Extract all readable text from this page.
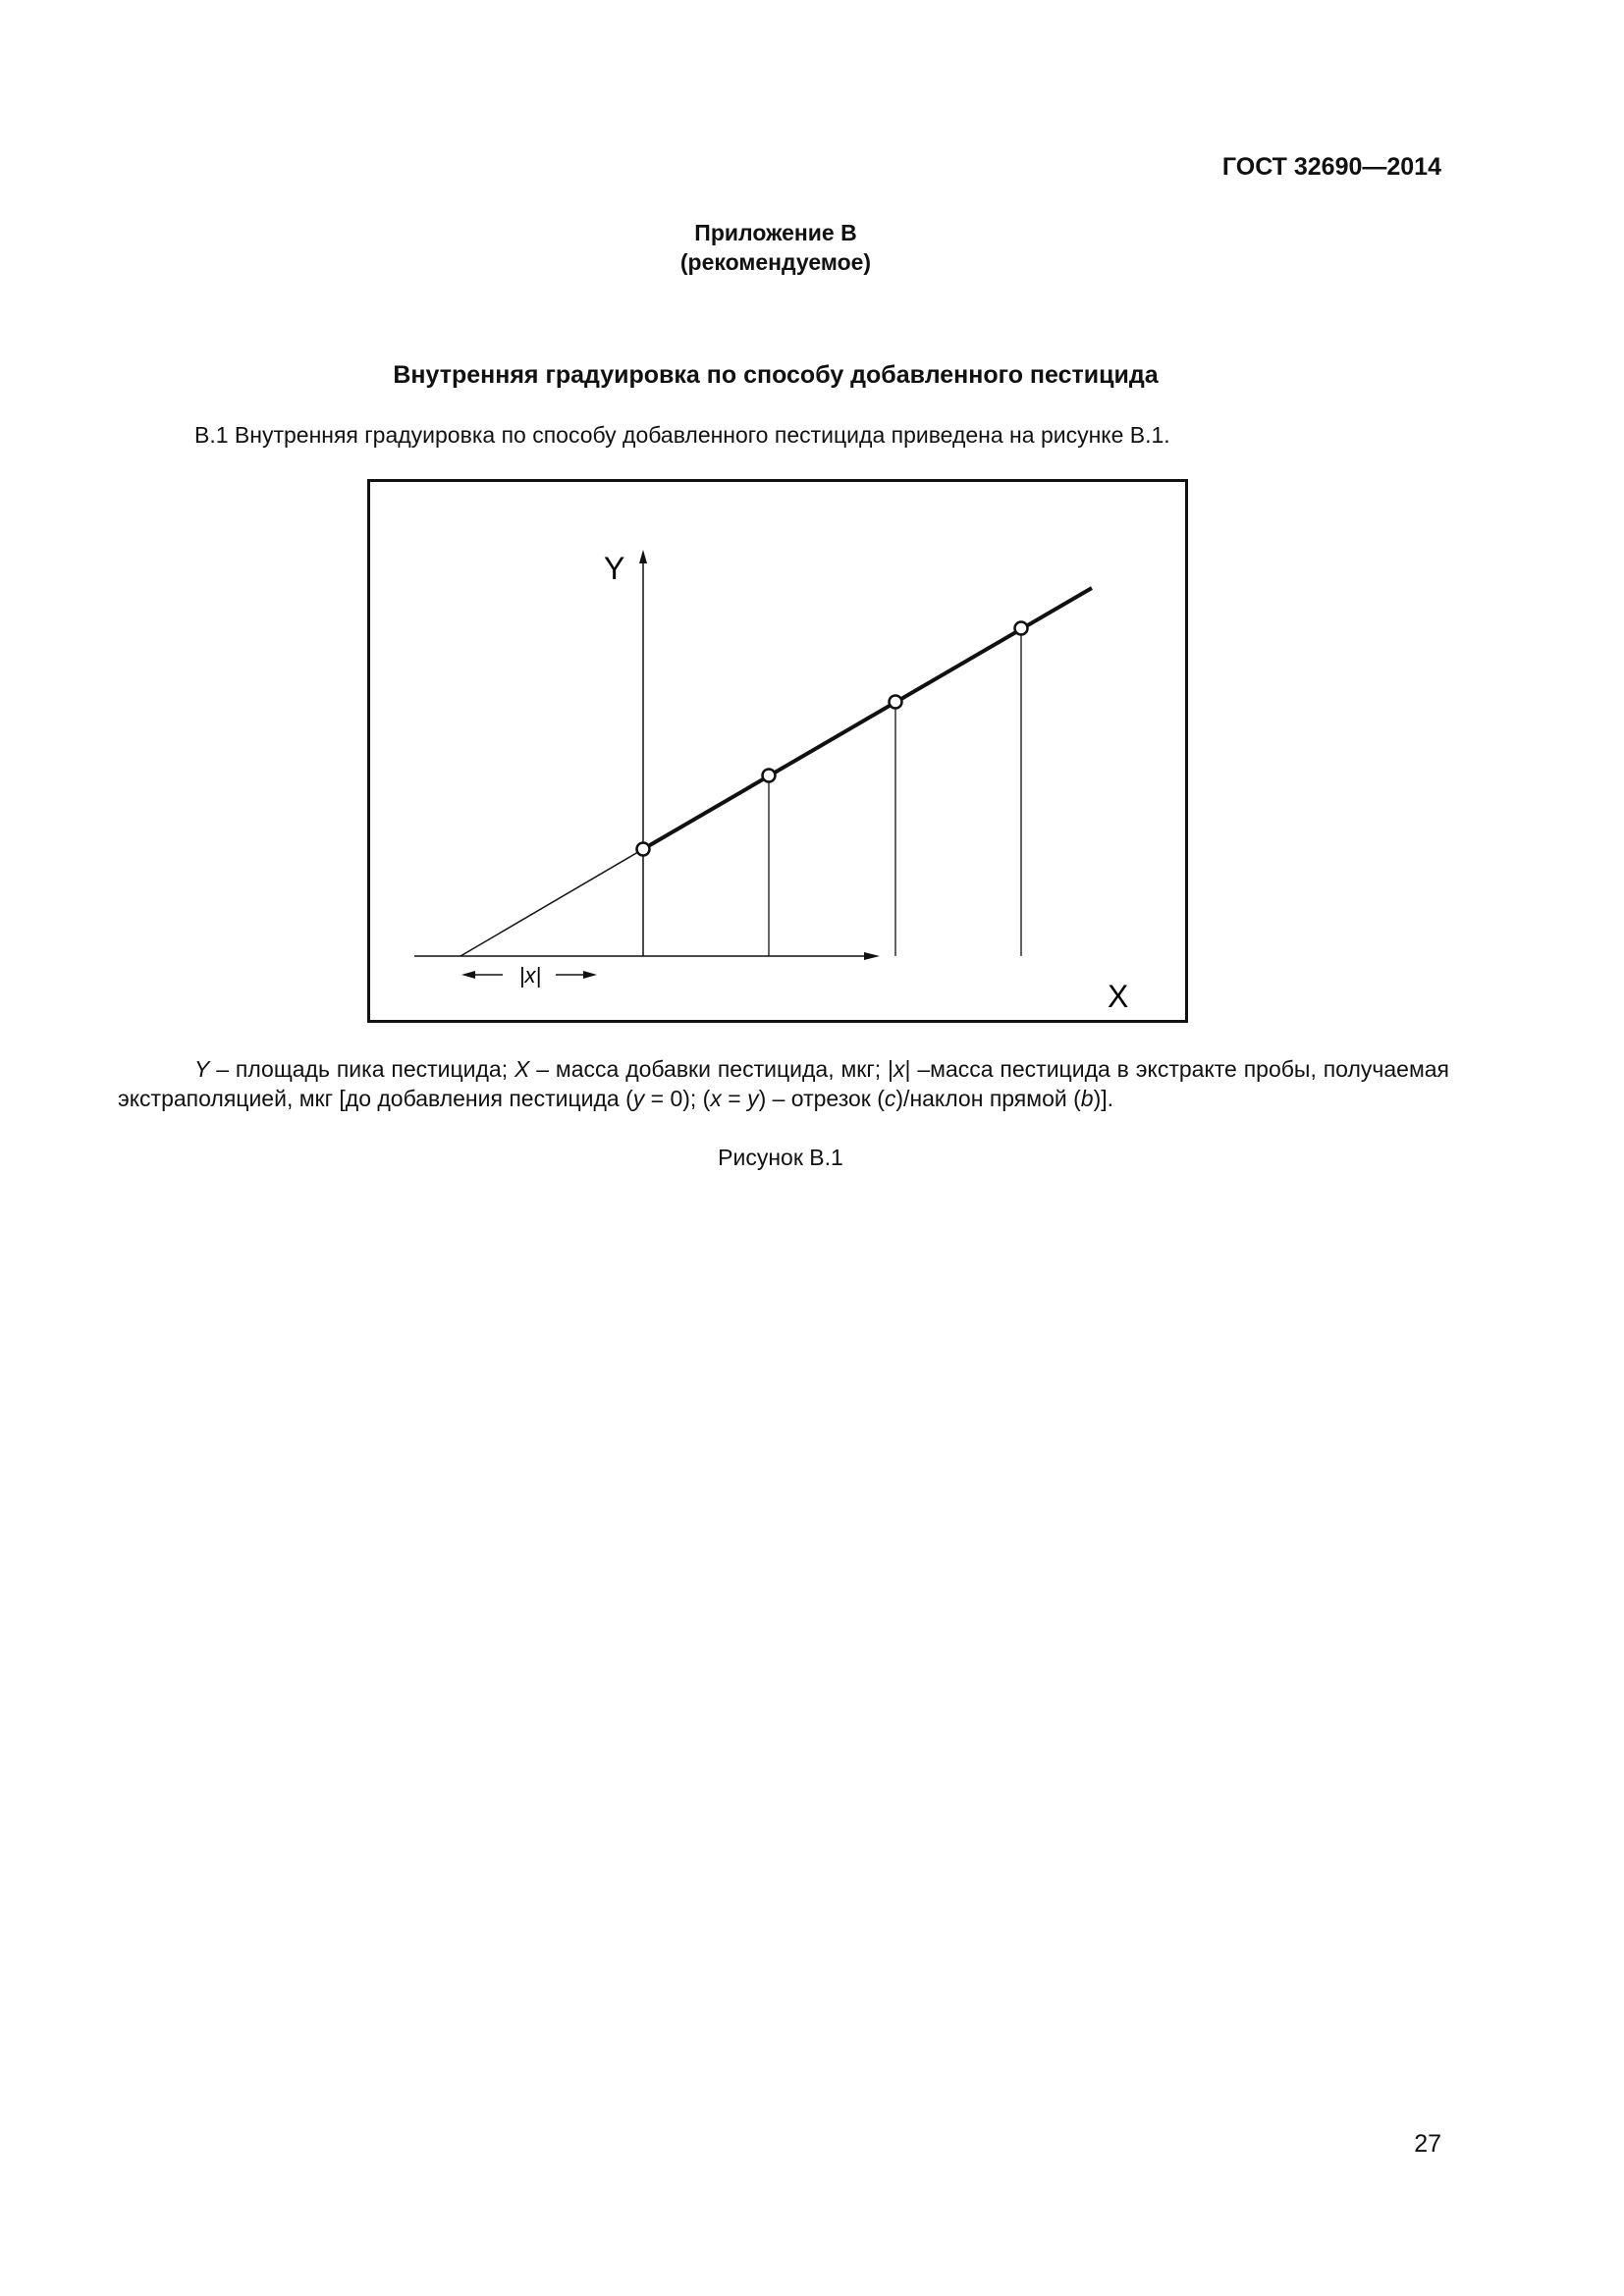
ГОСТ 32690—2014
Приложение В
(рекомендуемое)
Внутренняя градуировка по способу добавленного пестицида
В.1 Внутренняя градуировка по способу добавленного пестицида приведена на рисунке В.1.
Y
X
|x|
Y – площадь пика пестицида; X – масса добавки пестицида, мкг; |x| –масса пестицида в экстракте пробы, получаемая экстраполяцией, мкг [до добавления пестицида (y = 0); (x = y) – отрезок (c)/наклон прямой (b)].
Рисунок В.1
27
